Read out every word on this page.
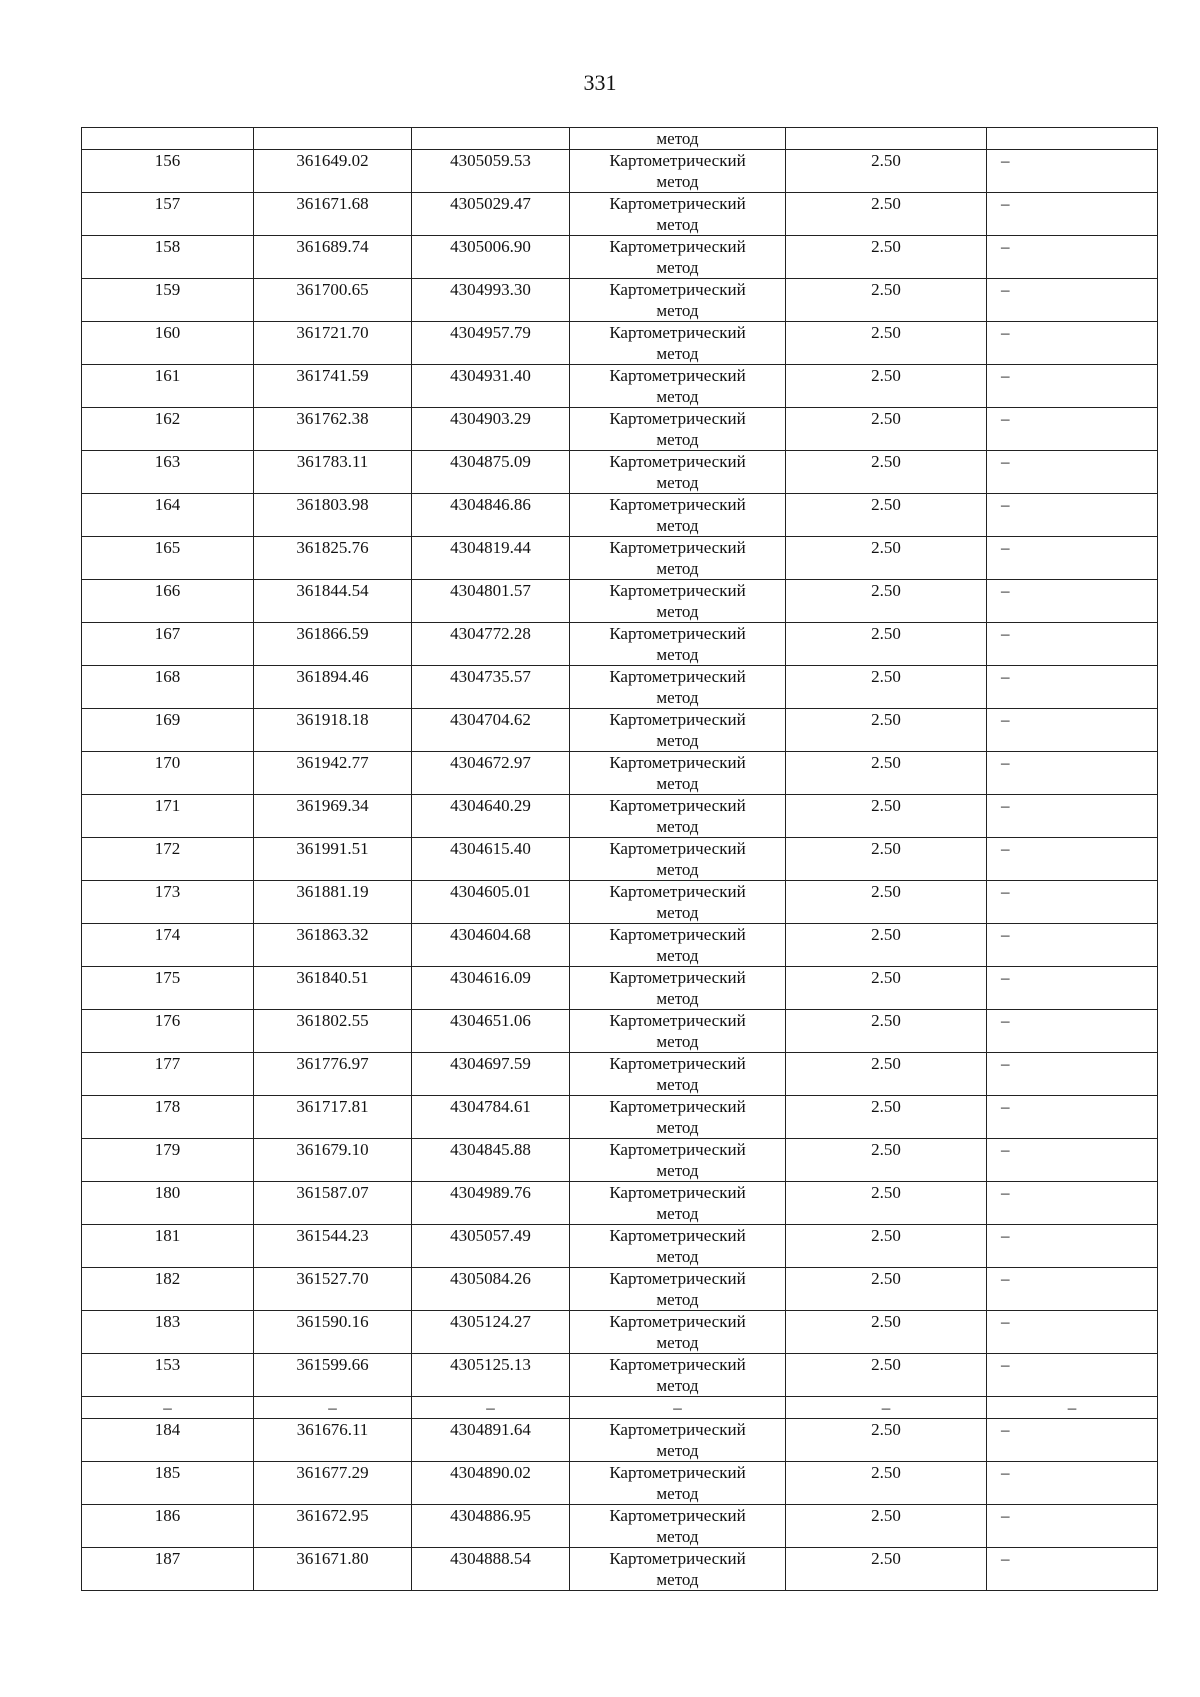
331
			метод		
156	361649.02	4305059.53	Картометрический
метод	2.50	–
157	361671.68	4305029.47	Картометрический
метод	2.50	–
158	361689.74	4305006.90	Картометрический
метод	2.50	–
159	361700.65	4304993.30	Картометрический
метод	2.50	–
160	361721.70	4304957.79	Картометрический
метод	2.50	–
161	361741.59	4304931.40	Картометрический
метод	2.50	–
162	361762.38	4304903.29	Картометрический
метод	2.50	–
163	361783.11	4304875.09	Картометрический
метод	2.50	–
164	361803.98	4304846.86	Картометрический
метод	2.50	–
165	361825.76	4304819.44	Картометрический
метод	2.50	–
166	361844.54	4304801.57	Картометрический
метод	2.50	–
167	361866.59	4304772.28	Картометрический
метод	2.50	–
168	361894.46	4304735.57	Картометрический
метод	2.50	–
169	361918.18	4304704.62	Картометрический
метод	2.50	–
170	361942.77	4304672.97	Картометрический
метод	2.50	–
171	361969.34	4304640.29	Картометрический
метод	2.50	–
172	361991.51	4304615.40	Картометрический
метод	2.50	–
173	361881.19	4304605.01	Картометрический
метод	2.50	–
174	361863.32	4304604.68	Картометрический
метод	2.50	–
175	361840.51	4304616.09	Картометрический
метод	2.50	–
176	361802.55	4304651.06	Картометрический
метод	2.50	–
177	361776.97	4304697.59	Картометрический
метод	2.50	–
178	361717.81	4304784.61	Картометрический
метод	2.50	–
179	361679.10	4304845.88	Картометрический
метод	2.50	–
180	361587.07	4304989.76	Картометрический
метод	2.50	–
181	361544.23	4305057.49	Картометрический
метод	2.50	–
182	361527.70	4305084.26	Картометрический
метод	2.50	–
183	361590.16	4305124.27	Картометрический
метод	2.50	–
153	361599.66	4305125.13	Картометрический
метод	2.50	–
–	–	–	–	–	–
184	361676.11	4304891.64	Картометрический
метод	2.50	–
185	361677.29	4304890.02	Картометрический
метод	2.50	–
186	361672.95	4304886.95	Картометрический
метод	2.50	–
187	361671.80	4304888.54	Картометрический
метод	2.50	–
